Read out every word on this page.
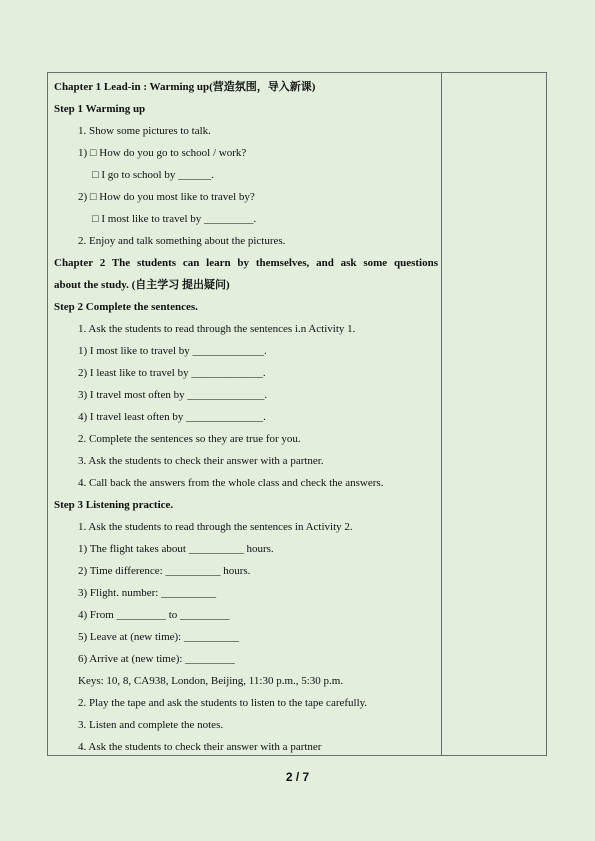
Chapter 1 Lead-in : Warming up(营造氛围，导入新课)
Step 1 Warming up
1. Show some pictures to talk.
1) □ How do you go to school / work?
□ I go to school by ______.
2) □ How do you most like to travel by?
□ I most like to travel by _________.
2. Enjoy and talk something about the pictures.
Chapter 2 The students can learn by themselves, and ask some questions
about the study. (自主学习 提出疑问)
Step 2 Complete the sentences.
1. Ask the students to read through the sentences i.n Activity 1.
1) I most like to travel by _____________.
2) I least like to travel by _____________.
3) I travel most often by ______________.
4) I travel least often by ______________.
2. Complete the sentences so they are true for you.
3. Ask the students to check their answer with a partner.
4. Call back the answers from the whole class and check the answers.
Step 3 Listening practice.
1. Ask the students to read through the sentences in Activity 2.
1) The flight takes about __________ hours.
2) Time difference: __________ hours.
3) Flight. number: __________
4) From _________ to _________
5) Leave at (new time): __________
6) Arrive at (new time): _________
Keys: 10, 8, CA938, London, Beijing, 11:30 p.m., 5:30 p.m.
2. Play the tape and ask the students to listen to the tape carefully.
3. Listen and complete the notes.
4. Ask the students to check their answer with a partner
2 / 7
